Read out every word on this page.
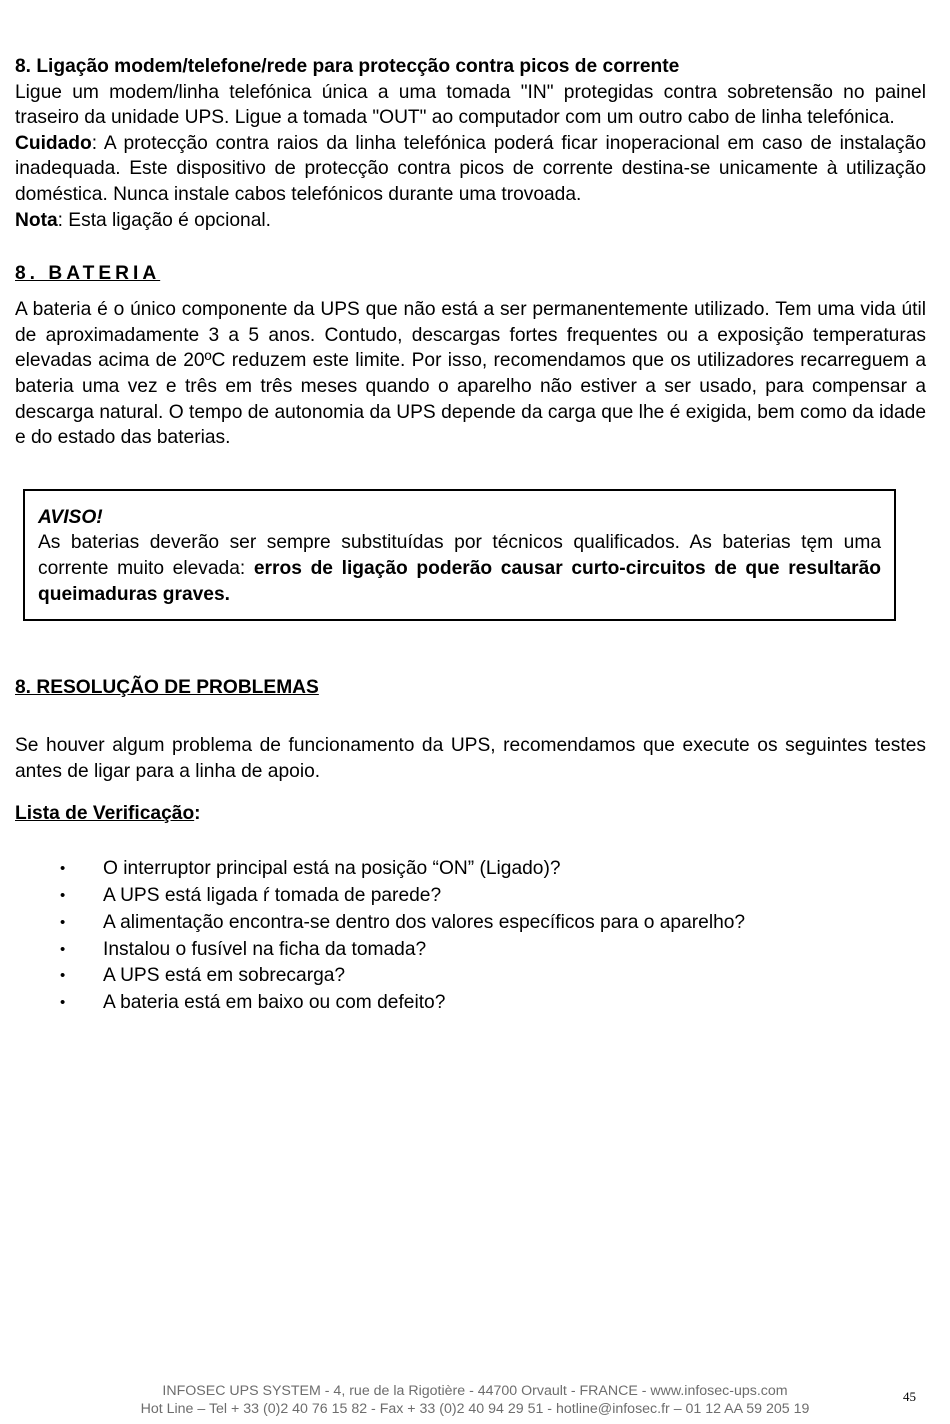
8. Ligação modem/telefone/rede para protecção contra picos de corrente

Ligue um modem/linha telefónica única a uma tomada "IN" protegidas contra sobretensão no painel traseiro da unidade UPS. Ligue a tomada "OUT" ao computador com um outro cabo de linha telefónica.

Cuidado: A protecção contra raios da linha telefónica poderá ficar inoperacional em caso de instalação inadequada. Este dispositivo de protecção contra picos de corrente destina-se unicamente à utilização doméstica. Nunca instale cabos telefónicos durante uma trovoada.

Nota: Esta ligação é opcional.

8. BATERIA

A bateria é o único componente da UPS que não está a ser permanentemente utilizado. Tem uma vida útil de aproximadamente 3 a 5 anos. Contudo, descargas fortes frequentes ou a exposição temperaturas elevadas acima de 20ºC reduzem este limite. Por isso, recomendamos que os utilizadores recarreguem a bateria uma vez e três em três meses quando o aparelho não estiver a ser usado, para compensar a descarga natural. O tempo de autonomia da UPS depende da carga que lhe é exigida, bem como da idade e do estado das baterias.

AVISO!

As baterias deverão ser sempre substituídas por técnicos qualificados. As baterias tęm uma corrente muito elevada: erros de ligação poderão causar curto-circuitos de que resultarão queimaduras graves.

8. RESOLUÇÃO DE PROBLEMAS

Se houver algum problema de funcionamento da UPS, recomendamos que execute os seguintes testes antes de ligar para a linha de apoio.

Lista de Verificação:

• O interruptor principal está na posição “ON” (Ligado)?
• A UPS está ligada ŕ tomada de parede?
• A alimentação encontra-se dentro dos valores específicos para o aparelho?
• Instalou o fusível na ficha da tomada?
• A UPS está em sobrecarga?
• A bateria está em baixo ou com defeito?
INFOSEC UPS SYSTEM - 4, rue de la Rigotière - 44700 Orvault - FRANCE - www.infosec-ups.com
Hot Line – Tel + 33 (0)2 40 76 15 82 - Fax + 33 (0)2 40 94 29 51 - hotline@infosec.fr – 01 12 AA 59 205 19
45
